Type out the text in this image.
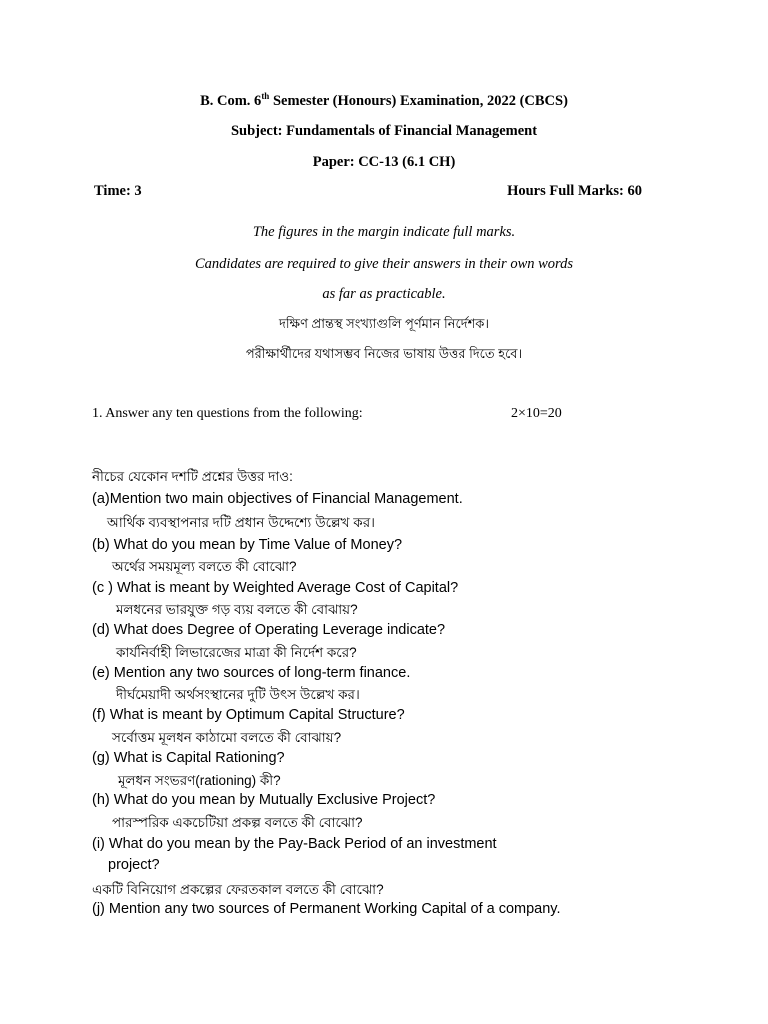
B. Com. 6th Semester (Honours) Examination, 2022 (CBCS)
Subject: Fundamentals of Financial Management
Paper: CC-13 (6.1 CH)
Time: 3	Hours Full Marks: 60
The figures in the margin indicate full marks.
Candidates are required to give their answers in their own words
as far as practicable.
দক্ষিণ প্রান্তস্থ সংখ্যাগুলি পূর্ণমান নির্দেশক।
পরীক্ষার্থীদের যথাসম্ভব নিজের ভাষায় উত্তর দিতে হবে।
1. Answer any ten questions from the following:	2×10=20
নীচের যেকোন দশটি প্রশ্নের উত্তর দাও:
(a)Mention two main objectives of Financial Management.
আর্থিক ব্যবস্থাপনার দটি প্রধান উদ্দেশ্যে উল্লেখ কর।
(b) What do you mean by Time Value of Money?
অর্থের সময়মূল্য বলতে কী বোঝো?
(c ) What is meant by Weighted Average Cost of Capital?
মলধনের ভারযুক্ত গড় ব্যয় বলতে কী বোঝায়?
(d) What does Degree of Operating Leverage indicate?
কার্যনির্বাহী লিভারেজের মাত্রা কী নির্দেশ করে?
(e) Mention any two sources of long-term finance.
দীর্ঘমেয়াদী অর্থসংস্থানের দুটি উৎস উল্লেখ কর।
(f) What is meant by Optimum Capital Structure?
সর্বোত্তম মূলধন কাঠামো বলতে কী বোঝায়?
(g) What is Capital Rationing?
মূলধন সংভরণ(rationing) কী?
(h) What do you mean by Mutually Exclusive Project?
পারস্পরিক একচেটিয়া প্রকল্প বলতে কী বোঝো?
(i) What do you mean by the Pay-Back Period of an investment
project?
একটি বিনিয়োগ প্রকল্পের ফেরতকাল বলতে কী বোঝো?
(j) Mention any two sources of Permanent Working Capital of a company.
